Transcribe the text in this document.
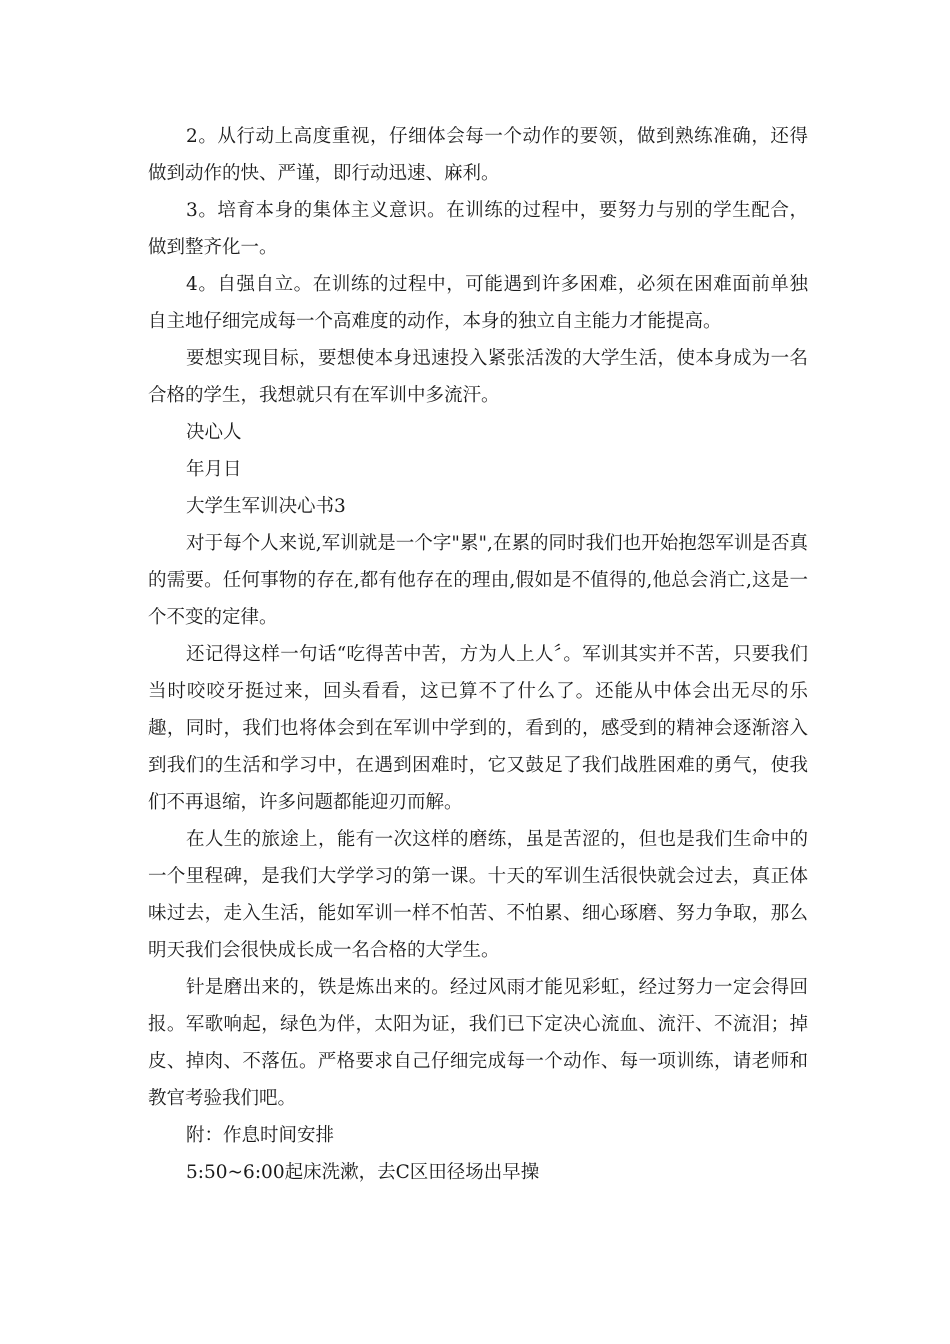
2。从行动上高度重视，仔细体会每一个动作的要领，做到熟练准确，还得做到动作的快、严谨，即行动迅速、麻利。

3。培育本身的集体主义意识。在训练的过程中，要努力与别的学生配合，做到整齐化一。

4。自强自立。在训练的过程中，可能遇到许多困难，必须在困难面前单独自主地仔细完成每一个高难度的动作，本身的独立自主能力才能提高。

要想实现目标，要想使本身迅速投入紧张活泼的大学生活，使本身成为一名合格的学生，我想就只有在军训中多流汗。

决心人

年月日

大学生军训决心书3

对于每个人来说,军训就是一个字"累",在累的同时我们也开始抱怨军训是否真的需要。任何事物的存在,都有他存在的理由,假如是不值得的,他总会消亡,这是一个不变的定律。

还记得这样一句话“吃得苦中苦，方为人上人〞。军训其实并不苦，只要我们当时咬咬牙挺过来，回头看看，这已算不了什么了。还能从中体会出无尽的乐趣，同时，我们也将体会到在军训中学到的，看到的，感受到的精神会逐渐溶入到我们的生活和学习中，在遇到困难时，它又鼓足了我们战胜困难的勇气，使我们不再退缩，许多问题都能迎刃而解。

在人生的旅途上，能有一次这样的磨练，虽是苦涩的，但也是我们生命中的一个里程碑，是我们大学学习的第一课。十天的军训生活很快就会过去，真正体味过去，走入生活，能如军训一样不怕苦、不怕累、细心琢磨、努力争取，那么明天我们会很快成长成一名合格的大学生。

针是磨出来的，铁是炼出来的。经过风雨才能见彩虹，经过努力一定会得回报。军歌响起，绿色为伴，太阳为证，我们已下定决心流血、流汗、不流泪；掉皮、掉肉、不落伍。严格要求自己仔细完成每一个动作、每一项训练，请老师和教官考验我们吧。

附：作息时间安排

5:50~6:00起床洗漱，去C区田径场出早操
